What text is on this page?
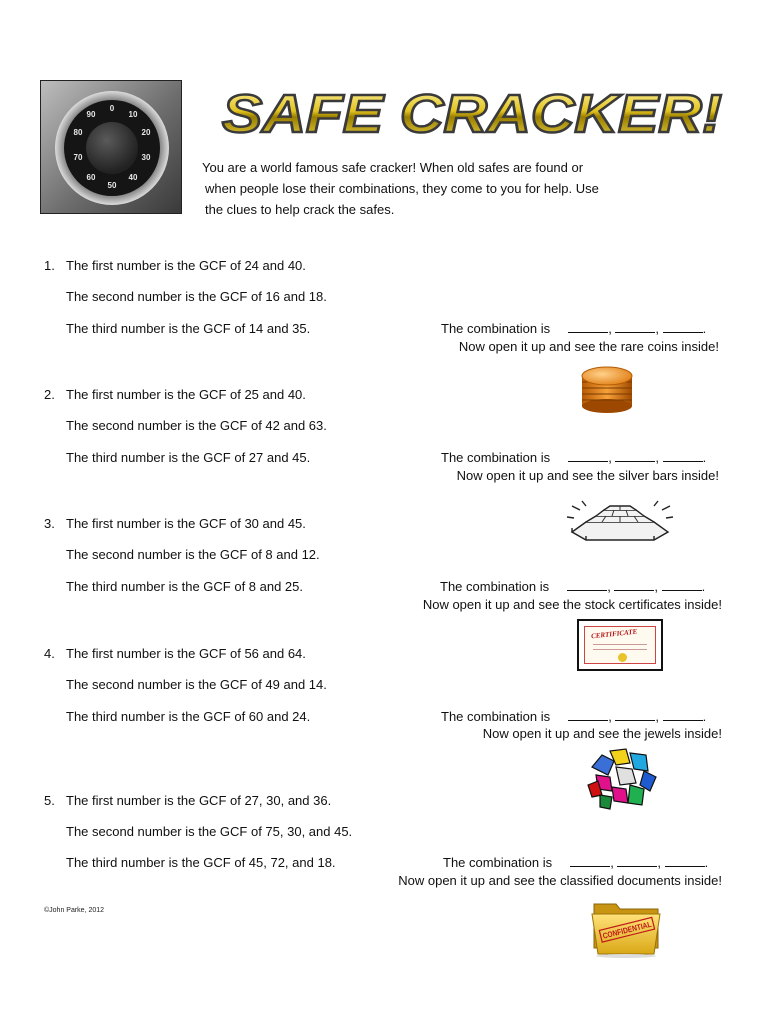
0
10
20
30
40
50
60
70
80
90 SAFE CRACKER!
You are a world famous safe cracker! When old safes are found or
when people lose their combinations, they come to you for help. Use
the clues to help crack the safes.
1. The first number is the GCF of 24 and 40.
The second number is the GCF of 16 and 18.
The third number is the GCF of 14 and 35.	The combination is	,	,	.
Now open it up and see the rare coins inside!
2. The first number is the GCF of 25 and 40.
The second number is the GCF of 42 and 63.
The third number is the GCF of 27 and 45.	The combination is	,	,	.
Now open it up and see the silver bars inside!
3. The first number is the GCF of 30 and 45.
The second number is the GCF of 8 and 12.
The third number is the GCF of 8 and 25.	The combination is	,	,	.
Now open it up and see the stock certificates inside!
CERTIFICATE
4. The first number is the GCF of 56 and 64.
The second number is the GCF of 49 and 14.
The third number is the GCF of 60 and 24.	The combination is	,	,	.
Now open it up and see the jewels inside!
5. The first number is the GCF of 27, 30, and 36.
The second number is the GCF of 75, 30, and 45.
The third number is the GCF of 45, 72, and 18.	The combination is	,	,	.
Now open it up and see the classified documents inside!
©John Parke, 2012
CONFIDENTIAL
